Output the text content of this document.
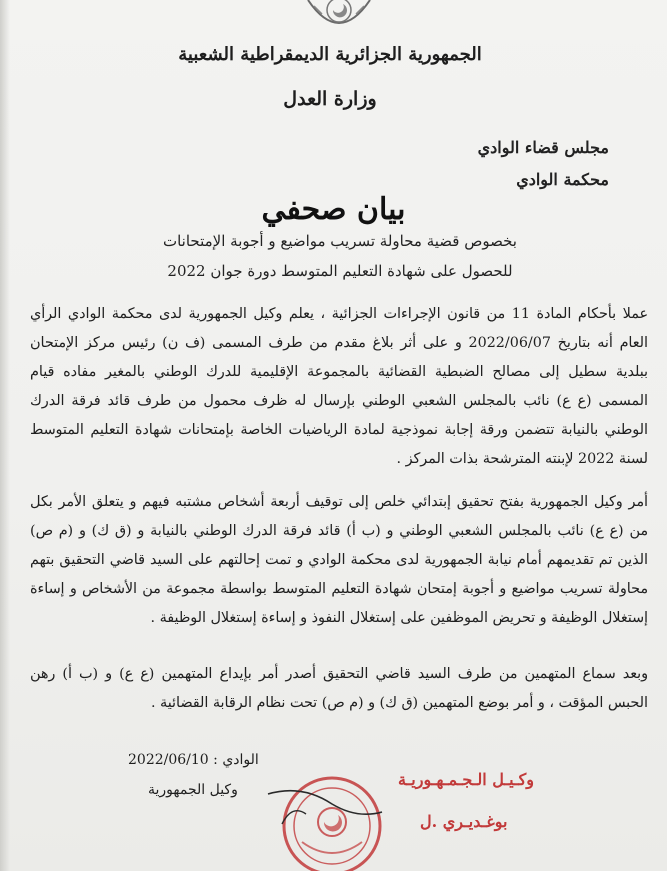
الجمهورية الجزائرية الديمقراطية الشعبية
وزارة العدل
مجلس قضاء الوادي
محكمة الوادي
بيان صحفي
بخصوص قضية محاولة تسريب مواضيع و أجوبة الإمتحانات
للحصول على شهادة التعليم المتوسط دورة جوان 2022
عملا بأحكام المادة 11 من قانون الإجراءات الجزائية ، يعلم وكيل الجمهورية لدى محكمة الوادي الرأي العام أنه بتاريخ 2022/06/07 و على أثر بلاغ مقدم من طرف المسمى (ف ن) رئيس مركز الإمتحان ببلدية سطيل إلى مصالح الضبطية القضائية بالمجموعة الإقليمية للدرك الوطني بالمغير مفاده قيام المسمى (ع ع) نائب بالمجلس الشعبي الوطني بإرسال له ظرف محمول من طرف قائد فرقة الدرك الوطني بالنيابة تتضمن ورقة إجابة نموذجية لمادة الرياضيات الخاصة بإمتحانات شهادة التعليم المتوسط لسنة 2022 لإبنته المترشحة بذات المركز .
أمر وكيل الجمهورية بفتح تحقيق إبتدائي خلص إلى توقيف أربعة أشخاص مشتبه فيهم و يتعلق الأمر بكل من (ع ع) نائب بالمجلس الشعبي الوطني و (ب أ) قائد فرقة الدرك الوطني بالنيابة و (ق ك) و (م ص) الذين تم تقديمهم أمام نيابة الجمهورية لدى محكمة الوادي و تمت إحالتهم على السيد قاضي التحقيق بتهم محاولة تسريب مواضيع و أجوبة إمتحان شهادة التعليم المتوسط بواسطة مجموعة من الأشخاص و إساءة إستغلال الوظيفة و تحريض الموظفين على إستغلال النفوذ و إساءة إستغلال الوظيفة .
وبعد سماع المتهمين من طرف السيد قاضي التحقيق أصدر أمر بإيداع المتهمين (ع ع) و (ب أ) رهن الحبس المؤقت ، و أمر بوضع المتهمين (ق ك) و (م ص) تحت نظام الرقابة القضائية .
الوادي : 2022/06/10
وكيل الجمهورية
وكـيـل الـجـمـهـوريـة
بوغـديـري .ل
